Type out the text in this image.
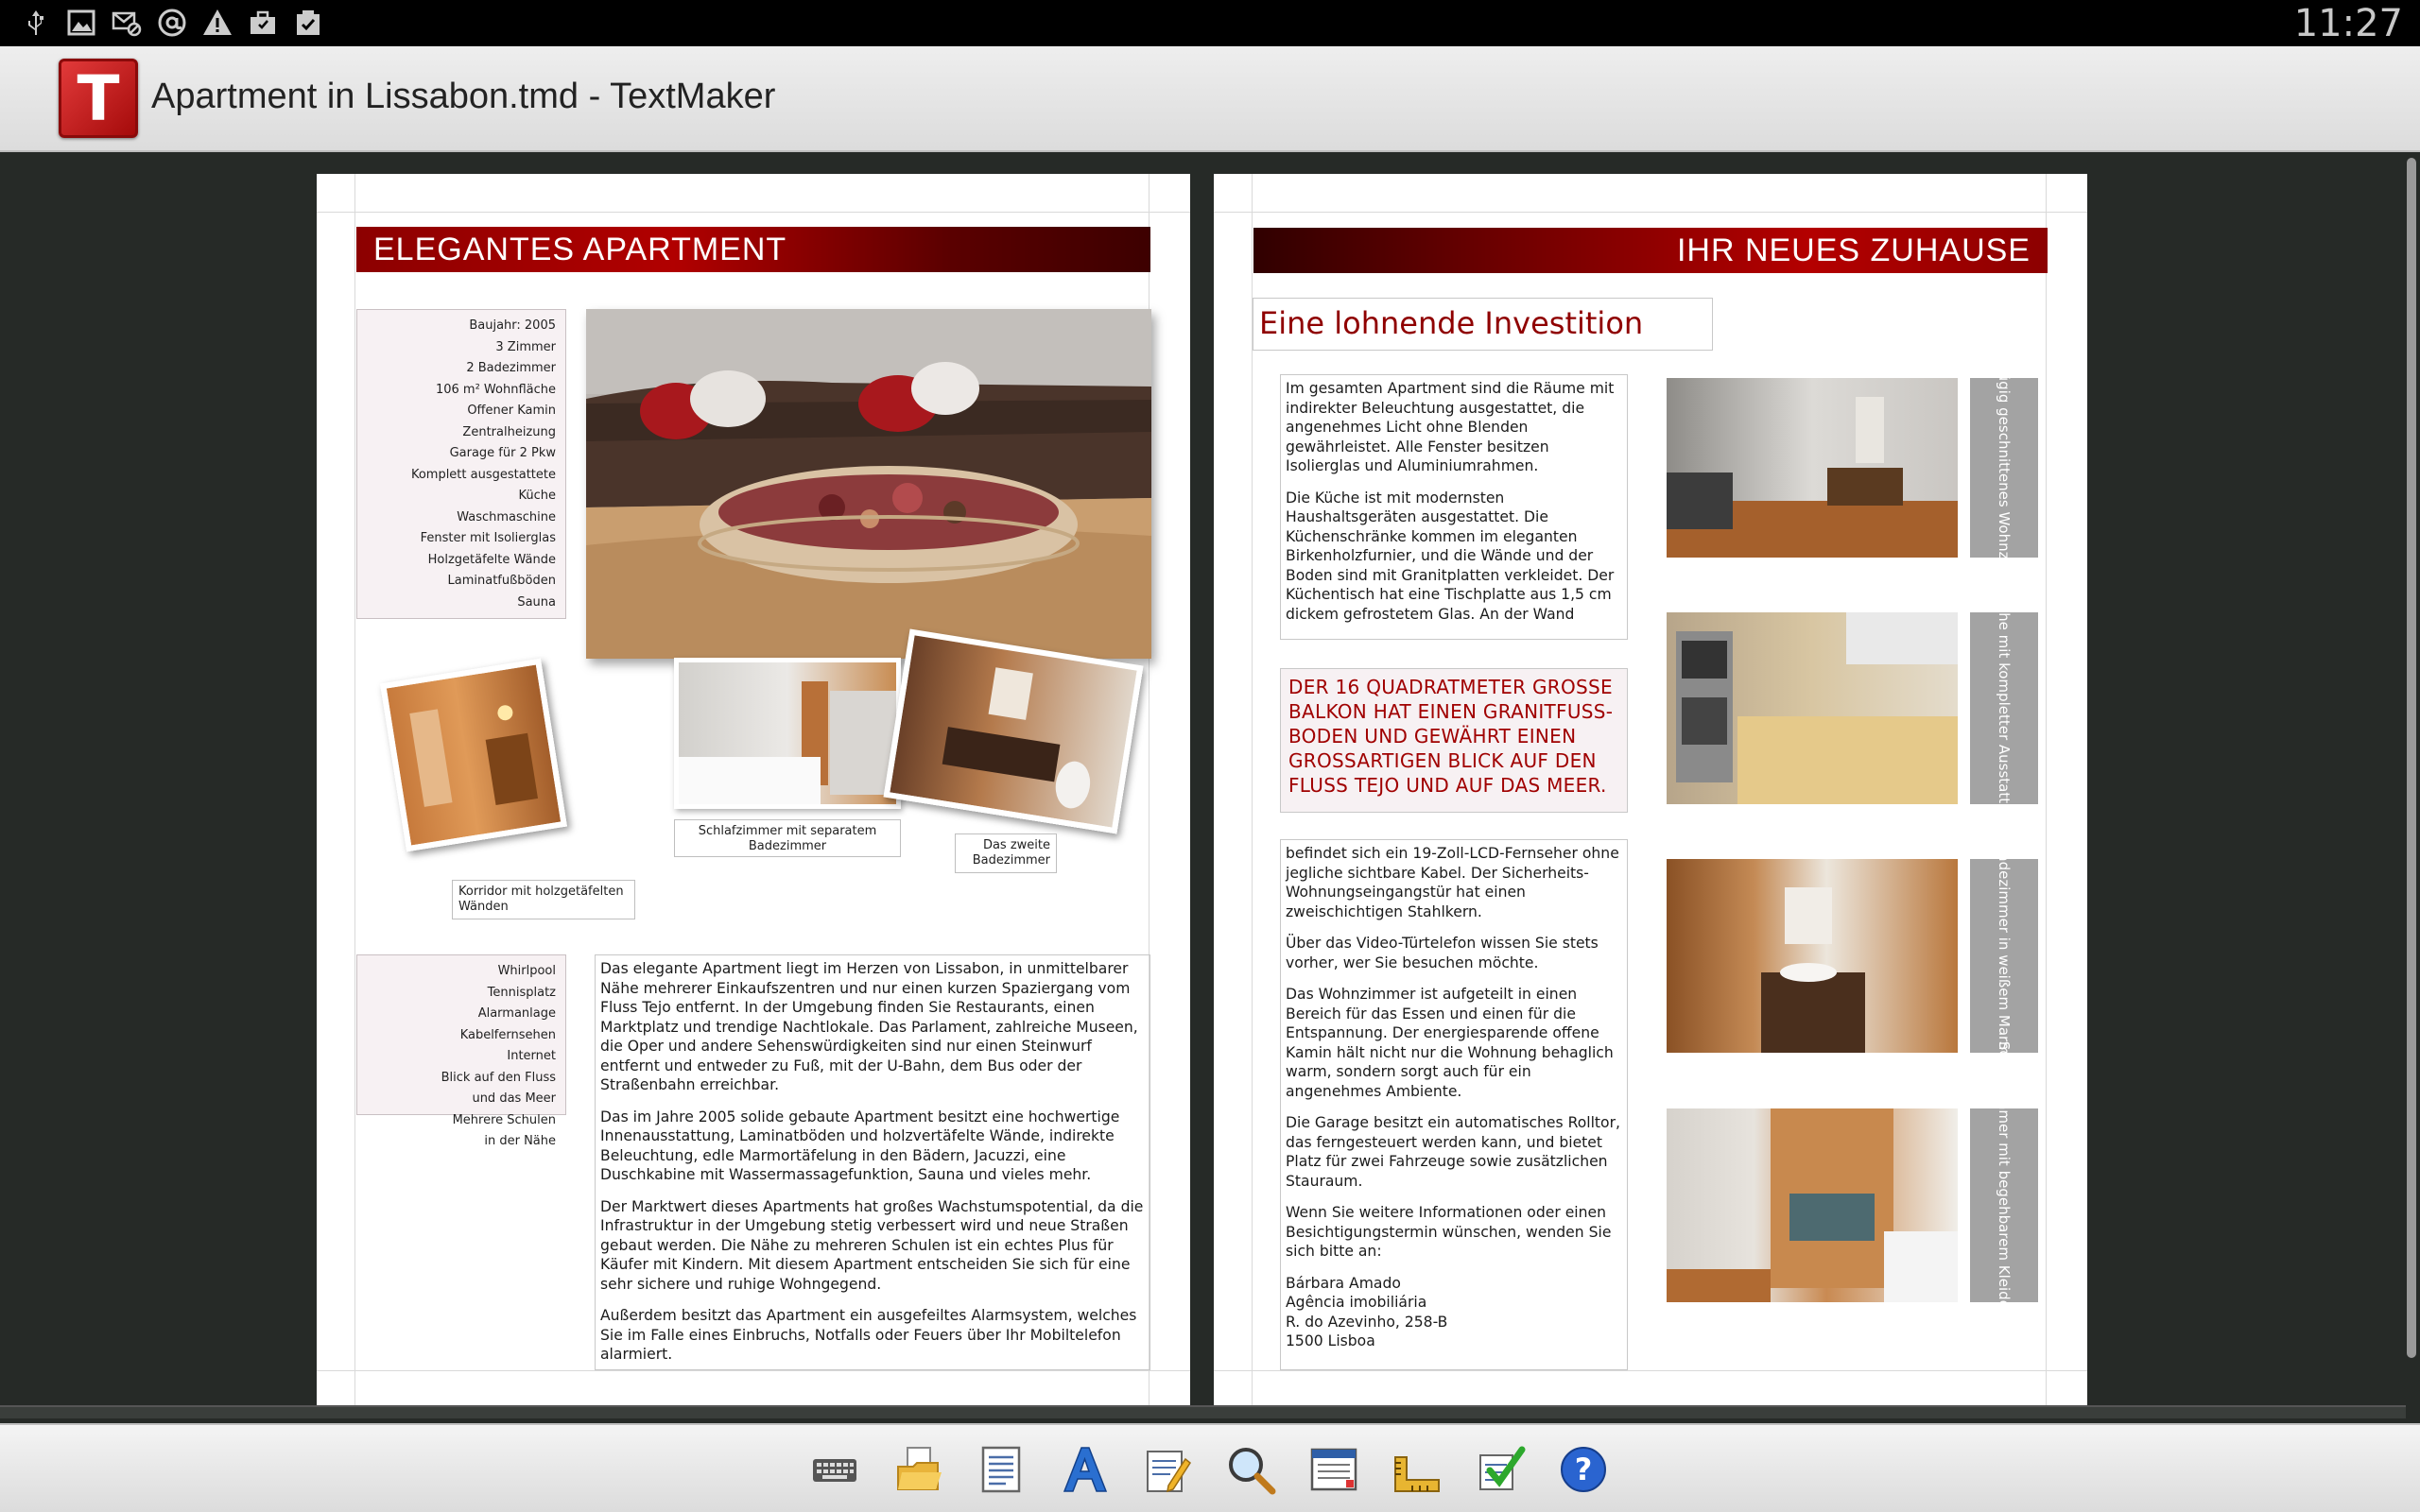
11:27
T Apartment in Lissabon.tmd - TextMaker
ELEGANTES APARTMENT
Baujahr: 2005
3 Zimmer
2 Badezimmer
106 m² Wohnfläche
Offener Kamin
Zentralheizung
Garage für 2 Pkw
Komplett ausgestattete
Küche
Waschmaschine
Fenster mit Isolierglas
Holzgetäfelte Wände
Laminatfußböden
Sauna
Korridor mit holzgetäfelten Wänden
Schlafzimmer mit separatem Badezimmer	Das zweite Badezimmer
Whirlpool
Tennisplatz
Alarmanlage
Kabelfernsehen
Internet
Blick auf den Fluss
und das Meer
Mehrere Schulen
in der Nähe

Das elegante Apartment liegt im Herzen von Lissabon, in unmittelbarer Nähe mehrerer Einkaufszentren und nur einen kurzen Spaziergang vom Fluss Tejo entfernt. In der Umgebung finden Sie Restaurants, einen Marktplatz und trendige Nachtlokale. Das Parlament, zahlreiche Museen, die Oper und andere Sehenswürdigkeiten sind nur einen Steinwurf entfernt und entweder zu Fuß, mit der U-Bahn, dem Bus oder der Straßenbahn erreichbar.

Das im Jahre 2005 solide gebaute Apartment besitzt eine hochwertige Innenausstattung, Laminatböden und holzvertäfelte Wände, indirekte Beleuchtung, edle Marmortäfelung in den Bädern, Jacuzzi, eine Duschkabine mit Wassermassagefunktion, Sauna und vieles mehr.

Der Marktwert dieses Apartments hat großes Wachstumspotential, da die Infrastruktur in der Umgebung stetig verbessert wird und neue Straßen gebaut werden. Die Nähe zu mehreren Schulen ist ein echtes Plus für Käufer mit Kindern. Mit diesem Apartment entscheiden Sie sich für eine sehr sichere und ruhige Wohngegend.

Außerdem besitzt das Apartment ein ausgefeiltes Alarmsystem, welches Sie im Falle eines Einbruchs, Notfalls oder Feuers über Ihr Mobiltelefon alarmiert.

IHR NEUES ZUHAUSE
Eine lohnende Investition

Im gesamten Apartment sind die Räume mit indirekter Beleuchtung ausgestattet, die angenehmes Licht ohne Blenden gewährleistet. Alle Fenster besitzen Isolierglas und Aluminiumrahmen.

Die Küche ist mit modernsten Haushaltsgeräten ausgestattet. Die Küchenschränke kommen im eleganten Birkenholzfurnier, und die Wände und der Boden sind mit Granitplatten verkleidet. Der Küchentisch hat eine Tischplatte aus 1,5 cm dickem gefrostetem Glas. An der Wand

DER 16 QUADRATMETER GROSSE BALKON HAT EINEN GRANITFUSS-BODEN UND GEWÄHRT EINEN GROSSARTIGEN BLICK AUF DEN FLUSS TEJO UND AUF DAS MEER.

befindet sich ein 19-Zoll-LCD-Fernseher ohne jegliche sichtbare Kabel. Der Sicherheits-Wohnungseingangstür hat einen zweischichtigen Stahlkern.

Über das Video-Türtelefon wissen Sie stets vorher, wer Sie besuchen möchte.

Das Wohnzimmer ist aufgeteilt in einen Bereich für das Essen und einen für die Entspannung. Der energiesparende offene Kamin hält nicht nur die Wohnung behaglich warm, sondern sorgt auch für ein angenehmes Ambiente.

Die Garage besitzt ein automatisches Rolltor, das ferngesteuert werden kann, und bietet Platz für zwei Fahrzeuge sowie zusätzlichen Stauraum.

Wenn Sie weitere Informationen oder einen Besichtigungstermin wünschen, wenden Sie sich bitte an:

Bárbara Amado
Agência imobiliária
R. do Azevinho, 258-B
1500 Lisboa
Großzügig geschnittenes Wohnzimmer
Küche mit kompletter Ausstattung
Badezimmer in weißem Marmor
Schlafzimmer mit begehbarem Kleiderschrank
?
